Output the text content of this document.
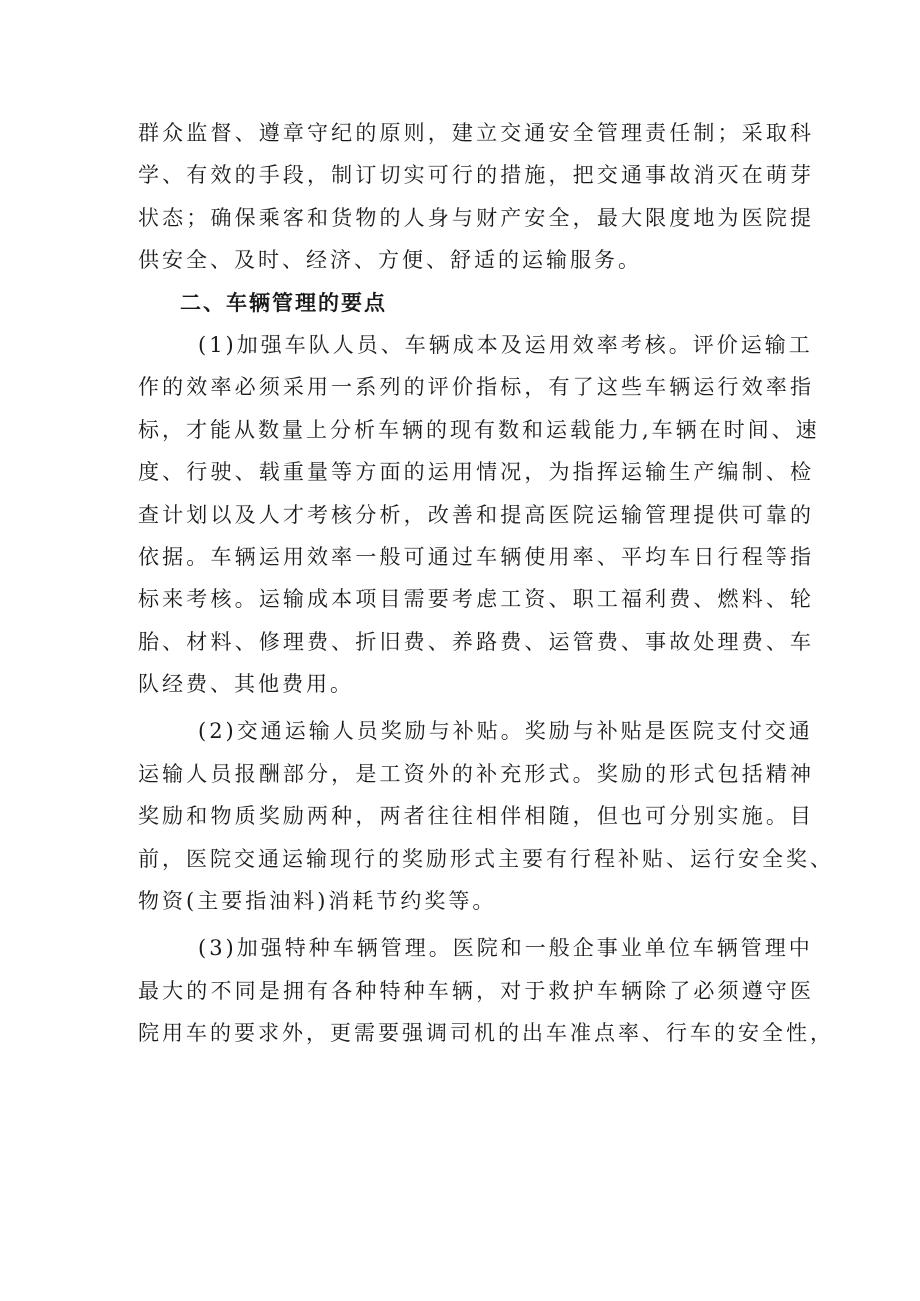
群众监督、遵章守纪的原则，建立交通安全管理责任制；采取科

学、有效的手段，制订切实可行的措施，把交通事故消灭在萌芽

状态；确保乘客和货物的人身与财产安全，最大限度地为医院提

供安全、及时、经济、方便、舒适的运输服务。

二、车辆管理的要点

(1)加强车队人员、车辆成本及运用效率考核。评价运输工

作的效率必须采用一系列的评价指标，有了这些车辆运行效率指

标，才能从数量上分析车辆的现有数和运载能力,车辆在时间、速

度、行驶、载重量等方面的运用情况，为指挥运输生产编制、检

查计划以及人才考核分析，改善和提高医院运输管理提供可靠的

依据。车辆运用效率一般可通过车辆使用率、平均车日行程等指

标来考核。运输成本项目需要考虑工资、职工福利费、燃料、轮

胎、材料、修理费、折旧费、养路费、运管费、事故处理费、车

队经费、其他费用。

(2)交通运输人员奖励与补贴。奖励与补贴是医院支付交通

运输人员报酬部分，是工资外的补充形式。奖励的形式包括精神

奖励和物质奖励两种，两者往往相伴相随，但也可分别实施。目

前，医院交通运输现行的奖励形式主要有行程补贴、运行安全奖、

物资(主要指油料)消耗节约奖等。

(3)加强特种车辆管理。医院和一般企事业单位车辆管理中

最大的不同是拥有各种特种车辆，对于救护车辆除了必须遵守医

院用车的要求外，更需要强调司机的出车准点率、行车的安全性，
